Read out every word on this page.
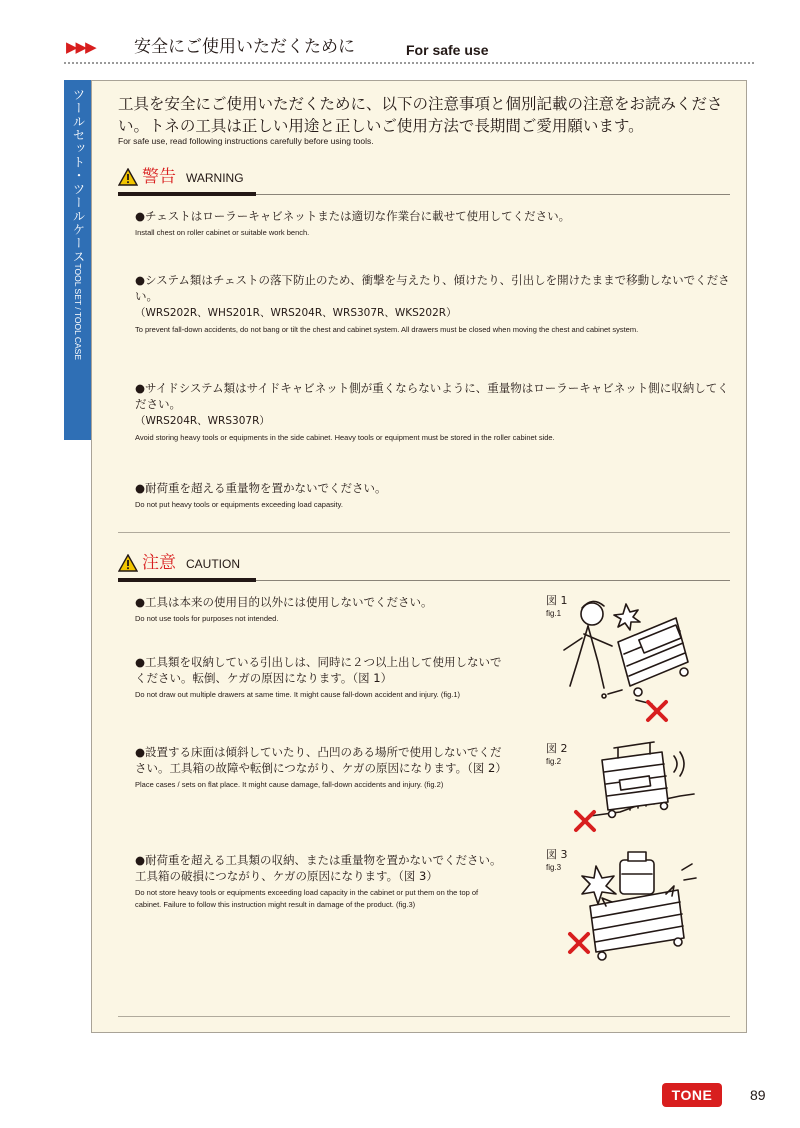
▶▶▶ 安全にご使用いただくために	For safe use
ツールセット・ツールケースTOOL SET / TOOL CASE
工具を安全にご使用いただくために、以下の注意事項と個別記載の注意をお読みください。トネの工具は正しい用途と正しいご使用方法で長期間ご愛用願います。
For safe use, read following instructions carefully before using tools.
警告 WARNING
●チェストはローラーキャビネットまたは適切な作業台に載せて使用してください。
Install chest on roller cabinet or suitable work bench.
●システム類はチェストの落下防止のため、衝撃を与えたり、傾けたり、引出しを開けたままで移動しないでください。
（WRS202R、WHS201R、WRS204R、WRS307R、WKS202R）
To prevent fall-down accidents, do not bang or tilt the chest and cabinet system. All drawers must be closed when moving the chest and cabinet system.
●サイドシステム類はサイドキャビネット側が重くならないように、重量物はローラーキャビネット側に収納してください。
（WRS204R、WRS307R）
Avoid storing heavy tools or equipments in the side cabinet. Heavy tools or equipment must be stored in the roller cabinet side.
●耐荷重を超える重量物を置かないでください。
Do not put heavy tools or equipments exceeding load capasity.
注意 CAUTION
●工具は本来の使用目的以外には使用しないでください。
Do not use tools for purposes not intended.
●工具類を収納している引出しは、同時に２つ以上出して使用しないでください。転倒、ケガの原因になります。（図 1）
Do not draw out multiple drawers at same time. It might cause fall-down accident and injury. (fig.1)
●設置する床面は傾斜していたり、凸凹のある場所で使用しないでください。工具箱の故障や転倒につながり、ケガの原因になります。（図 2）
Place cases / sets on flat place. It might cause damage, fall-down accidents and injury. (fig.2)
●耐荷重を超える工具類の収納、または重量物を置かないでください。工具箱の破損につながり、ケガの原因になります。（図 3）
Do not store heavy tools or equipments exceeding load capacity in the cabinet or put them on the top of cabinet. Failure to follow this instruction might result in damage of the product. (fig.3)
図 1
fig.1
図 2
fig.2
図 3
fig.3
TONE	89
